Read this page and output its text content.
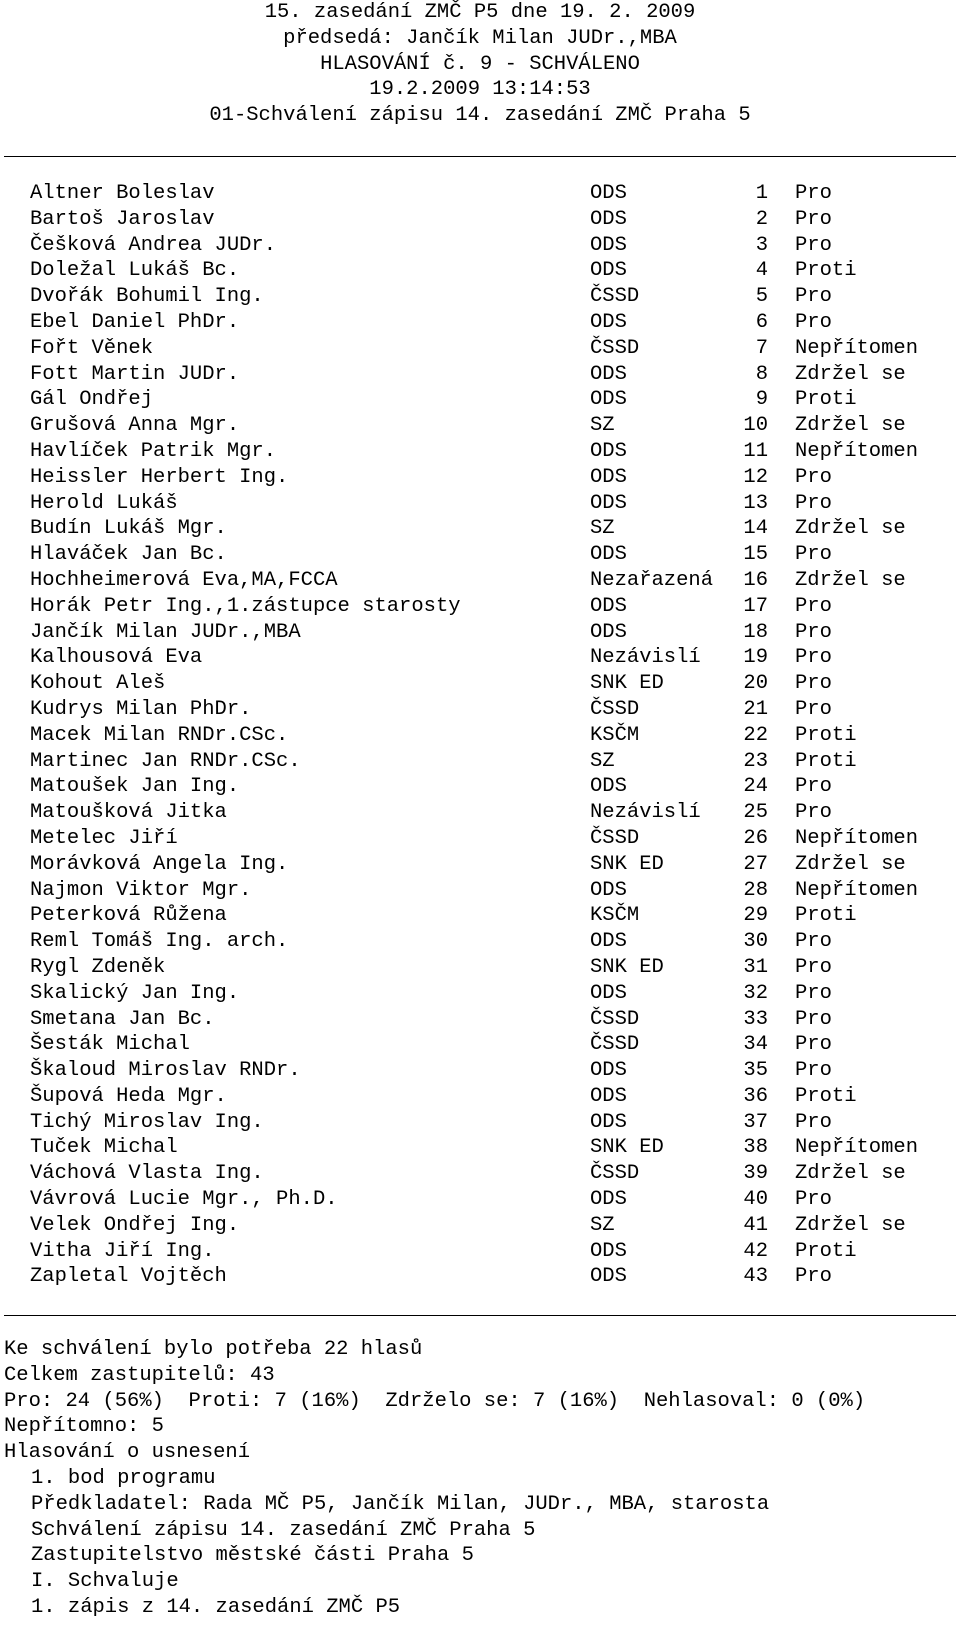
15. zasedání ZMČ P5 dne 19. 2. 2009
předsedá: Jančík Milan JUDr.,MBA
HLASOVÁNÍ č. 9 - SCHVÁLENO
19.2.2009 13:14:53
01-Schválení zápisu 14. zasedání ZMČ Praha 5
Altner Boleslav	ODS	1 Pro
Bartoš Jaroslav	ODS	2 Pro
Češková Andrea JUDr.	ODS	3 Pro
Doležal Lukáš Bc.	ODS	4 Proti
Dvořák Bohumil Ing.	ČSSD	5 Pro
Ebel Daniel PhDr.	ODS	6 Pro
Fořt Věnek	ČSSD	7 Nepřítomen
Fott Martin JUDr.	ODS	8 Zdržel se
Gál Ondřej	ODS	9 Proti
Grušová Anna Mgr.	SZ	10 Zdržel se
Havlíček Patrik Mgr.	ODS	11 Nepřítomen
Heissler Herbert Ing.	ODS	12 Pro
Herold Lukáš	ODS	13 Pro
Budín Lukáš Mgr.	SZ	14 Zdržel se
Hlaváček Jan Bc.	ODS	15 Pro
Hochheimerová Eva,MA,FCCA	Nezařazená	16 Zdržel se
Horák Petr Ing.,1.zástupce starosty	ODS	17 Pro
Jančík Milan JUDr.,MBA	ODS	18 Pro
Kalhousová Eva	Nezávislí	19 Pro
Kohout Aleš	SNK ED	20 Pro
Kudrys Milan PhDr.	ČSSD	21 Pro
Macek Milan RNDr.CSc.	KSČM	22 Proti
Martinec Jan RNDr.CSc.	SZ	23 Proti
Matoušek Jan Ing.	ODS	24 Pro
Matoušková Jitka	Nezávislí	25 Pro
Metelec Jiří	ČSSD	26 Nepřítomen
Morávková Angela Ing.	SNK ED	27 Zdržel se
Najmon Viktor Mgr.	ODS	28 Nepřítomen
Peterková Růžena	KSČM	29 Proti
Reml Tomáš Ing. arch.	ODS	30 Pro
Rygl Zdeněk	SNK ED	31 Pro
Skalický Jan Ing.	ODS	32 Pro
Smetana Jan Bc.	ČSSD	33 Pro
Šesták Michal	ČSSD	34 Pro
Škaloud Miroslav RNDr.	ODS	35 Pro
Šupová Heda Mgr.	ODS	36 Proti
Tichý Miroslav Ing.	ODS	37 Pro
Tuček Michal	SNK ED	38 Nepřítomen
Váchová Vlasta Ing.	ČSSD	39 Zdržel se
Vávrová Lucie Mgr., Ph.D.	ODS	40 Pro
Velek Ondřej Ing.	SZ	41 Zdržel se
Vitha Jiří Ing.	ODS	42 Proti
Zapletal Vojtěch	ODS	43 Pro
Ke schválení bylo potřeba 22 hlasů
Celkem zastupitelů: 43
Pro: 24 (56%)  Proti: 7 (16%)  Zdrželo se: 7 (16%)  Nehlasoval: 0 (0%)
Nepřítomno: 5
Hlasování o usnesení
1. bod programu
Předkladatel: Rada MČ P5, Jančík Milan, JUDr., MBA, starosta
Schválení zápisu 14. zasedání ZMČ Praha 5
Zastupitelstvo městské části Praha 5
I. Schvaluje
1. zápis z 14. zasedání ZMČ P5
